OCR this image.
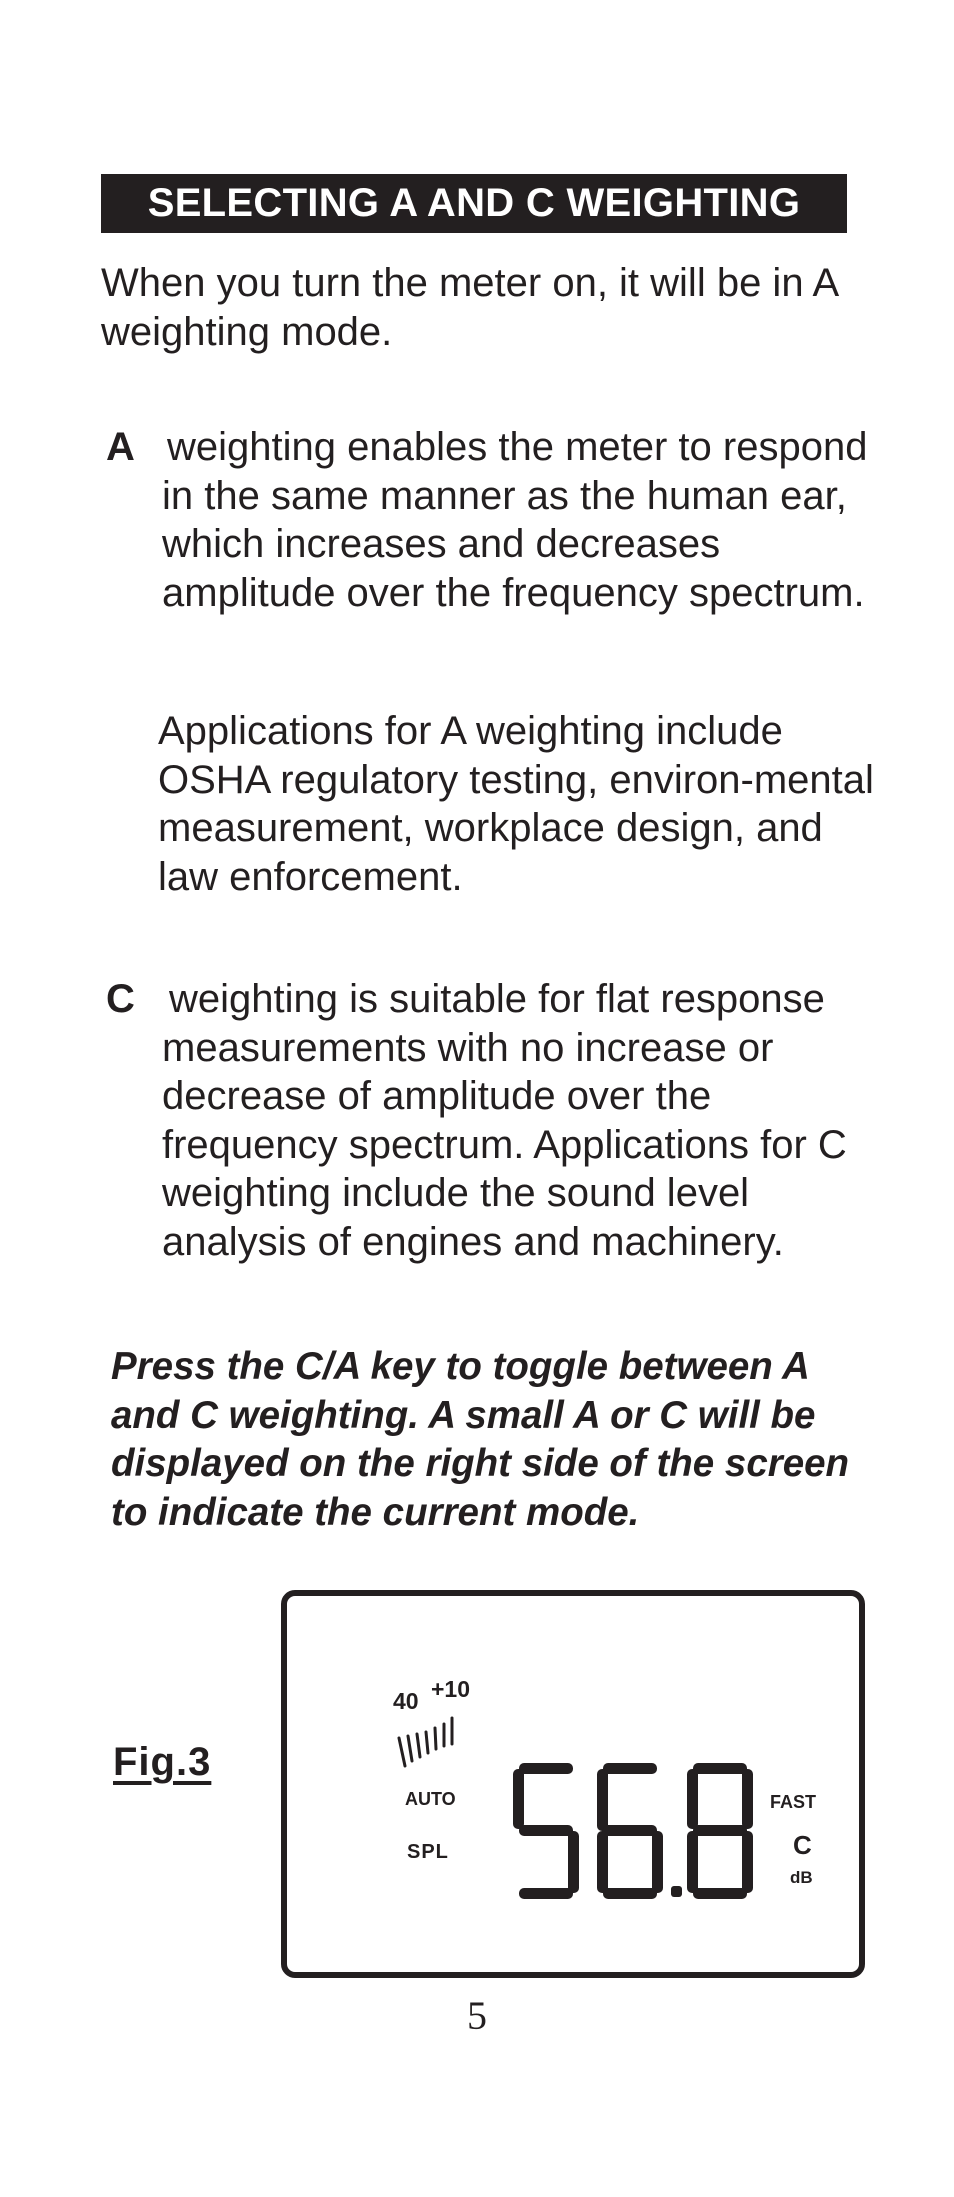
SELECTING A AND C WEIGHTING

When you turn the meter on, it will be in A weighting mode.

A weighting enables the meter to respond in the same manner as the human ear, which increases and decreases amplitude over the frequency spectrum.

Applications for A weighting include OSHA regulatory testing, environ-mental measurement, workplace design, and law enforcement.

C weighting is suitable for flat response measurements with no increase or decrease of amplitude over the frequency spectrum. Applications for C weighting include the sound level analysis of engines and machinery.

Press the C/A key to toggle between A and C weighting. A small A or C will be displayed on the right side of the screen to indicate the current mode.

Fig.3
40 +10
AUTO
SPL
FAST
C
dB
5
